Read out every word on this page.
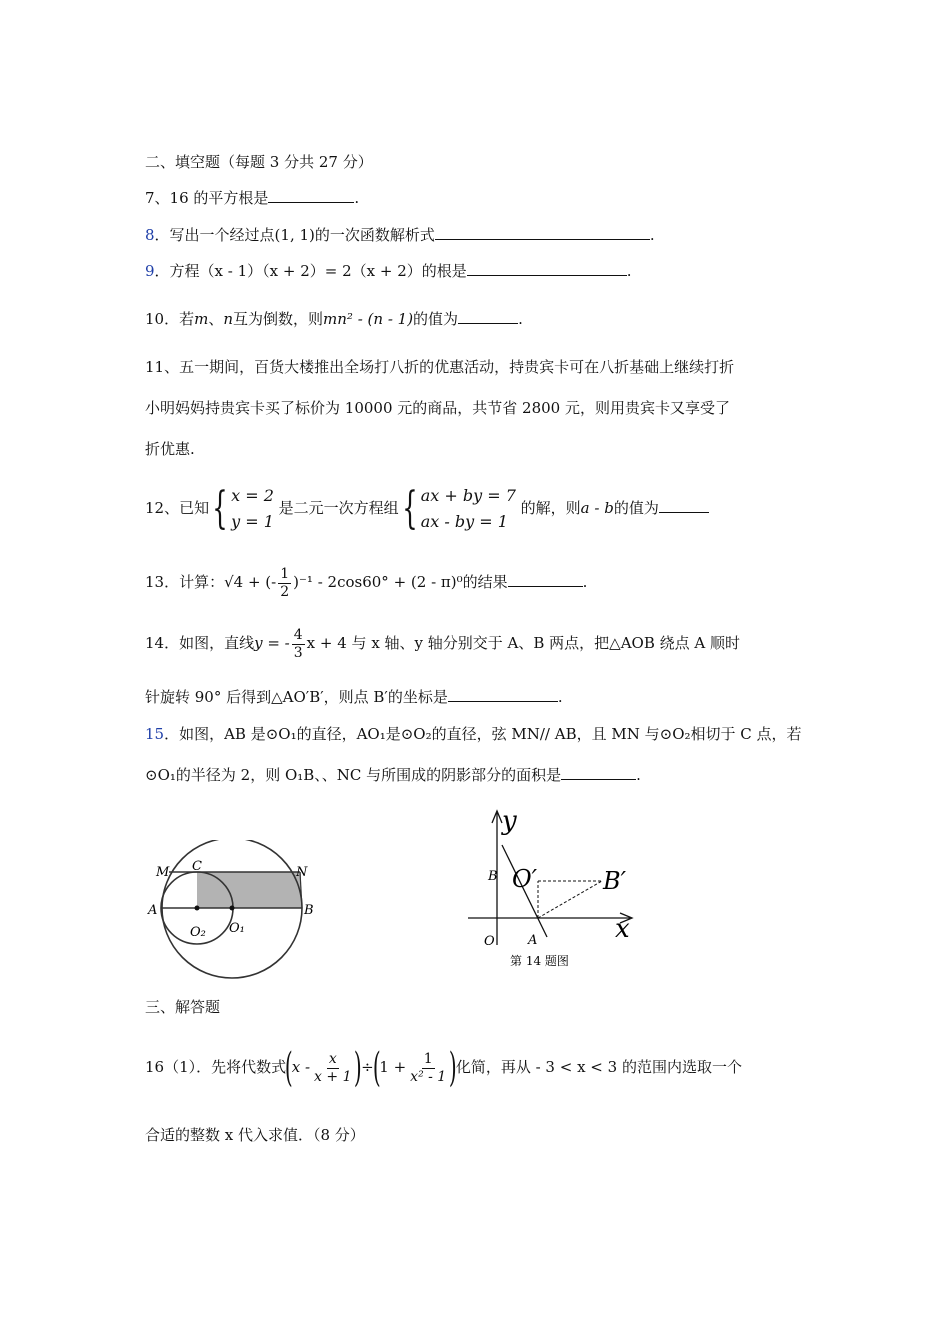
二、填空题（每题 3 分共 27 分）
7、16 的平方根是	.
8．写出一个经过点(1, 1)的一次函数解析式	.
9．方程（x - 1）（x + 2）= 2（x + 2）的根是	.
10．若m、n互为倒数，则mn² - (n - 1)的值为	.
11、五一期间，百货大楼推出全场打八折的优惠活动，持贵宾卡可在八折基础上继续打折
小明妈妈持贵宾卡买了标价为 10000 元的商品，共节省 2800 元，则用贵宾卡又享受了
折优惠.
12、已知{ x = 2
y = 1
是二元一次方程组{ ax + by = 7
ax - by = 1
的解，则a - b的值为
13．计算：√4 + (- $\frac{1}{2} )^{-1} - 2\cos 60^\circ + (2 - \pi)^0$的结果	.
14．如图，直线y = - $\frac{4}{3}$ x + 4 与 x 轴、y 轴分别交于 A、B 两点，把△AOB 绕点 A 顺时
针旋转 90° 后得到△AO′B′，则点 B′的坐标是	.
15．如图，AB 是⊙O₁的直径，AO₁是⊙O₂的直径，弦 MN// AB，且 MN 与⊙O₂相切于 C 点，若
⊙O₁的半径为 2，则 O₁B、、NC 与所围成的阴影部分的面积是	.
M C	N
A	B
O₂ O₁
y
x
B
O	A
O′	B′
第 14 题图
三、解答题
16（1）．先将代数式$(x - \frac{x}{x + 1} )\div(1 + \frac{1}{\text{x² - 1}}$ )化简，再从 - 3 < x < 3 的范围内选取一个
合适的整数 x 代入求值．（8 分）
